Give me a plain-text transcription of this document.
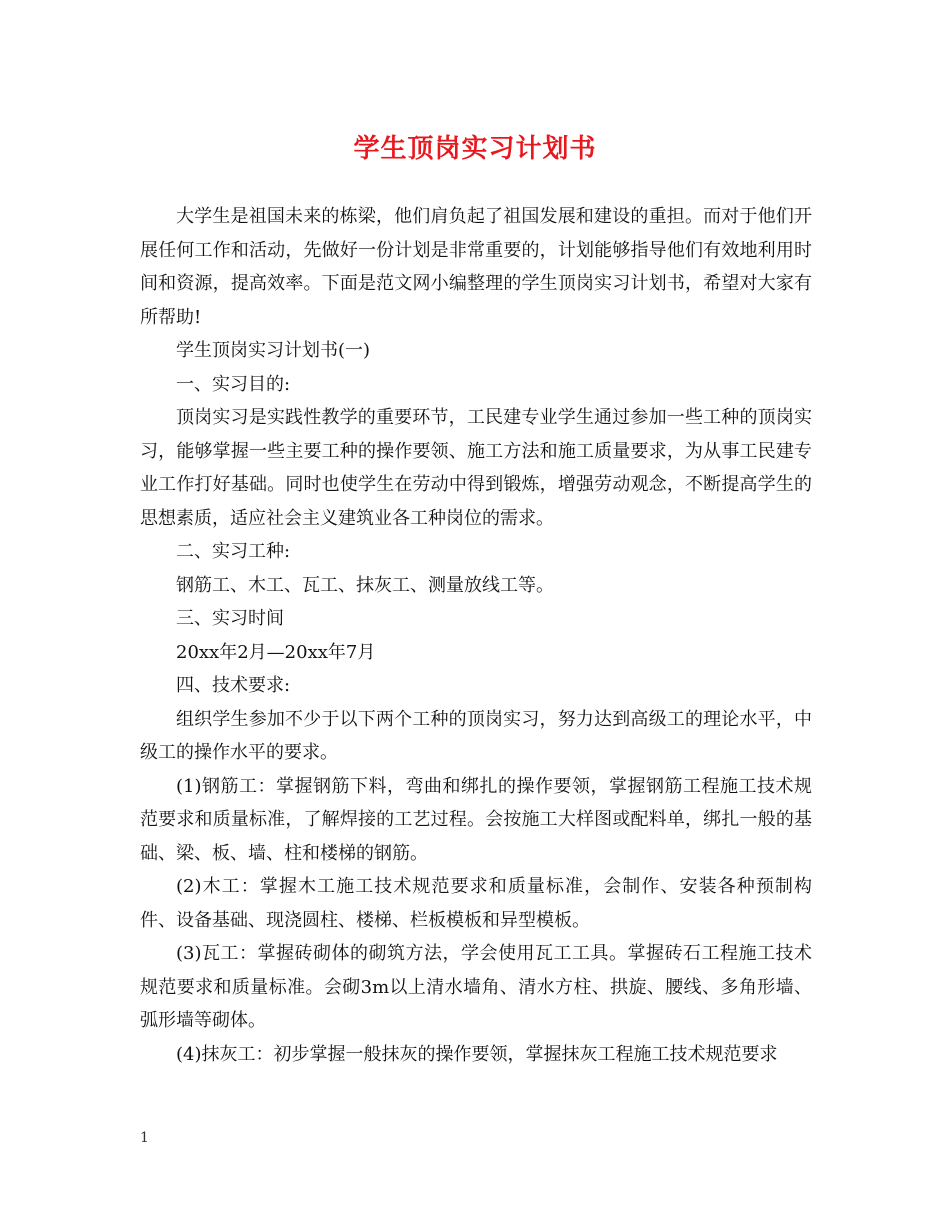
学生顶岗实习计划书

大学生是祖国未来的栋梁，他们肩负起了祖国发展和建设的重担。而对于他们开展任何工作和活动，先做好一份计划是非常重要的，计划能够指导他们有效地利用时间和资源，提高效率。下面是范文网小编整理的学生顶岗实习计划书，希望对大家有所帮助!

学生顶岗实习计划书(一)

一、实习目的:

顶岗实习是实践性教学的重要环节，工民建专业学生通过参加一些工种的顶岗实习，能够掌握一些主要工种的操作要领、施工方法和施工质量要求，为从事工民建专业工作打好基础。同时也使学生在劳动中得到锻炼，增强劳动观念，不断提高学生的思想素质，适应社会主义建筑业各工种岗位的需求。

二、实习工种:

钢筋工、木工、瓦工、抹灰工、测量放线工等。

三、实习时间

20xx年2月—20xx年7月

四、技术要求:

组织学生参加不少于以下两个工种的顶岗实习，努力达到高级工的理论水平，中级工的操作水平的要求。

(1)钢筋工：掌握钢筋下料，弯曲和绑扎的操作要领，掌握钢筋工程施工技术规范要求和质量标准，了解焊接的工艺过程。会按施工大样图或配料单，绑扎一般的基础、梁、板、墙、柱和楼梯的钢筋。

(2)木工：掌握木工施工技术规范要求和质量标准，会制作、安装各种预制构件、设备基础、现浇圆柱、楼梯、栏板模板和异型模板。

(3)瓦工：掌握砖砌体的砌筑方法，学会使用瓦工工具。掌握砖石工程施工技术规范要求和质量标准。会砌3m以上清水墙角、清水方柱、拱旋、腰线、多角形墙、弧形墙等砌体。

(4)抹灰工：初步掌握一般抹灰的操作要领，掌握抹灰工程施工技术规范要求

1
